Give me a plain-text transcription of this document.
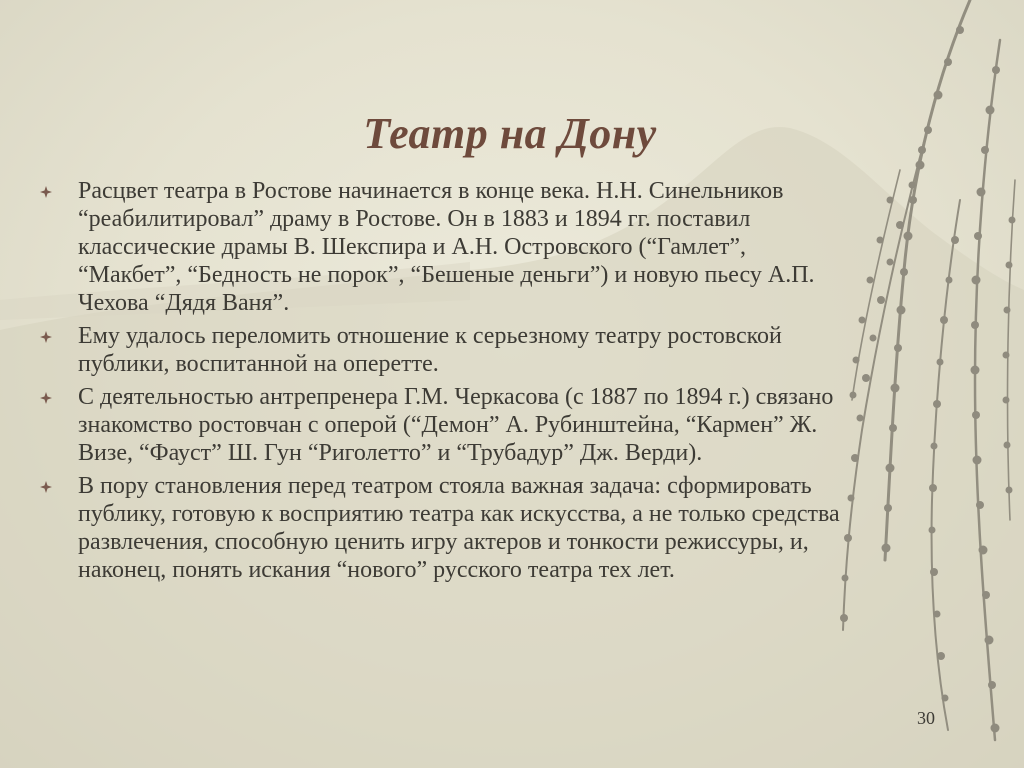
Театр на Дону
Расцвет театра в Ростове начинается в конце века. Н.Н. Синельников “реабилитировал” драму в Ростове. Он в 1883 и 1894 гг. поставил классические драмы В. Шекспира и А.Н. Островского (“Гамлет”, “Макбет”, “Бедность не порок”, “Бешеные деньги”) и новую пьесу А.П. Чехова “Дядя Ваня”.
Ему удалось переломить отношение к серьезному театру ростовской публики, воспитанной на оперетте.
С деятельностью антрепренера Г.М. Черкасова (с 1887 по 1894 г.) связано знакомство ростовчан с оперой (“Демон” А. Рубинштейна, “Кармен” Ж. Визе, “Фауст” Ш. Гун “Риголетто” и “Трубадур” Дж. Верди).
В пору становления перед театром стояла важная задача: сформировать публику, готовую к восприятию театра как искусства, а не только средства развлечения, способную ценить игру актеров и тонкости режиссуры, и, наконец, понять искания “нового” русского театра тех лет.
30
